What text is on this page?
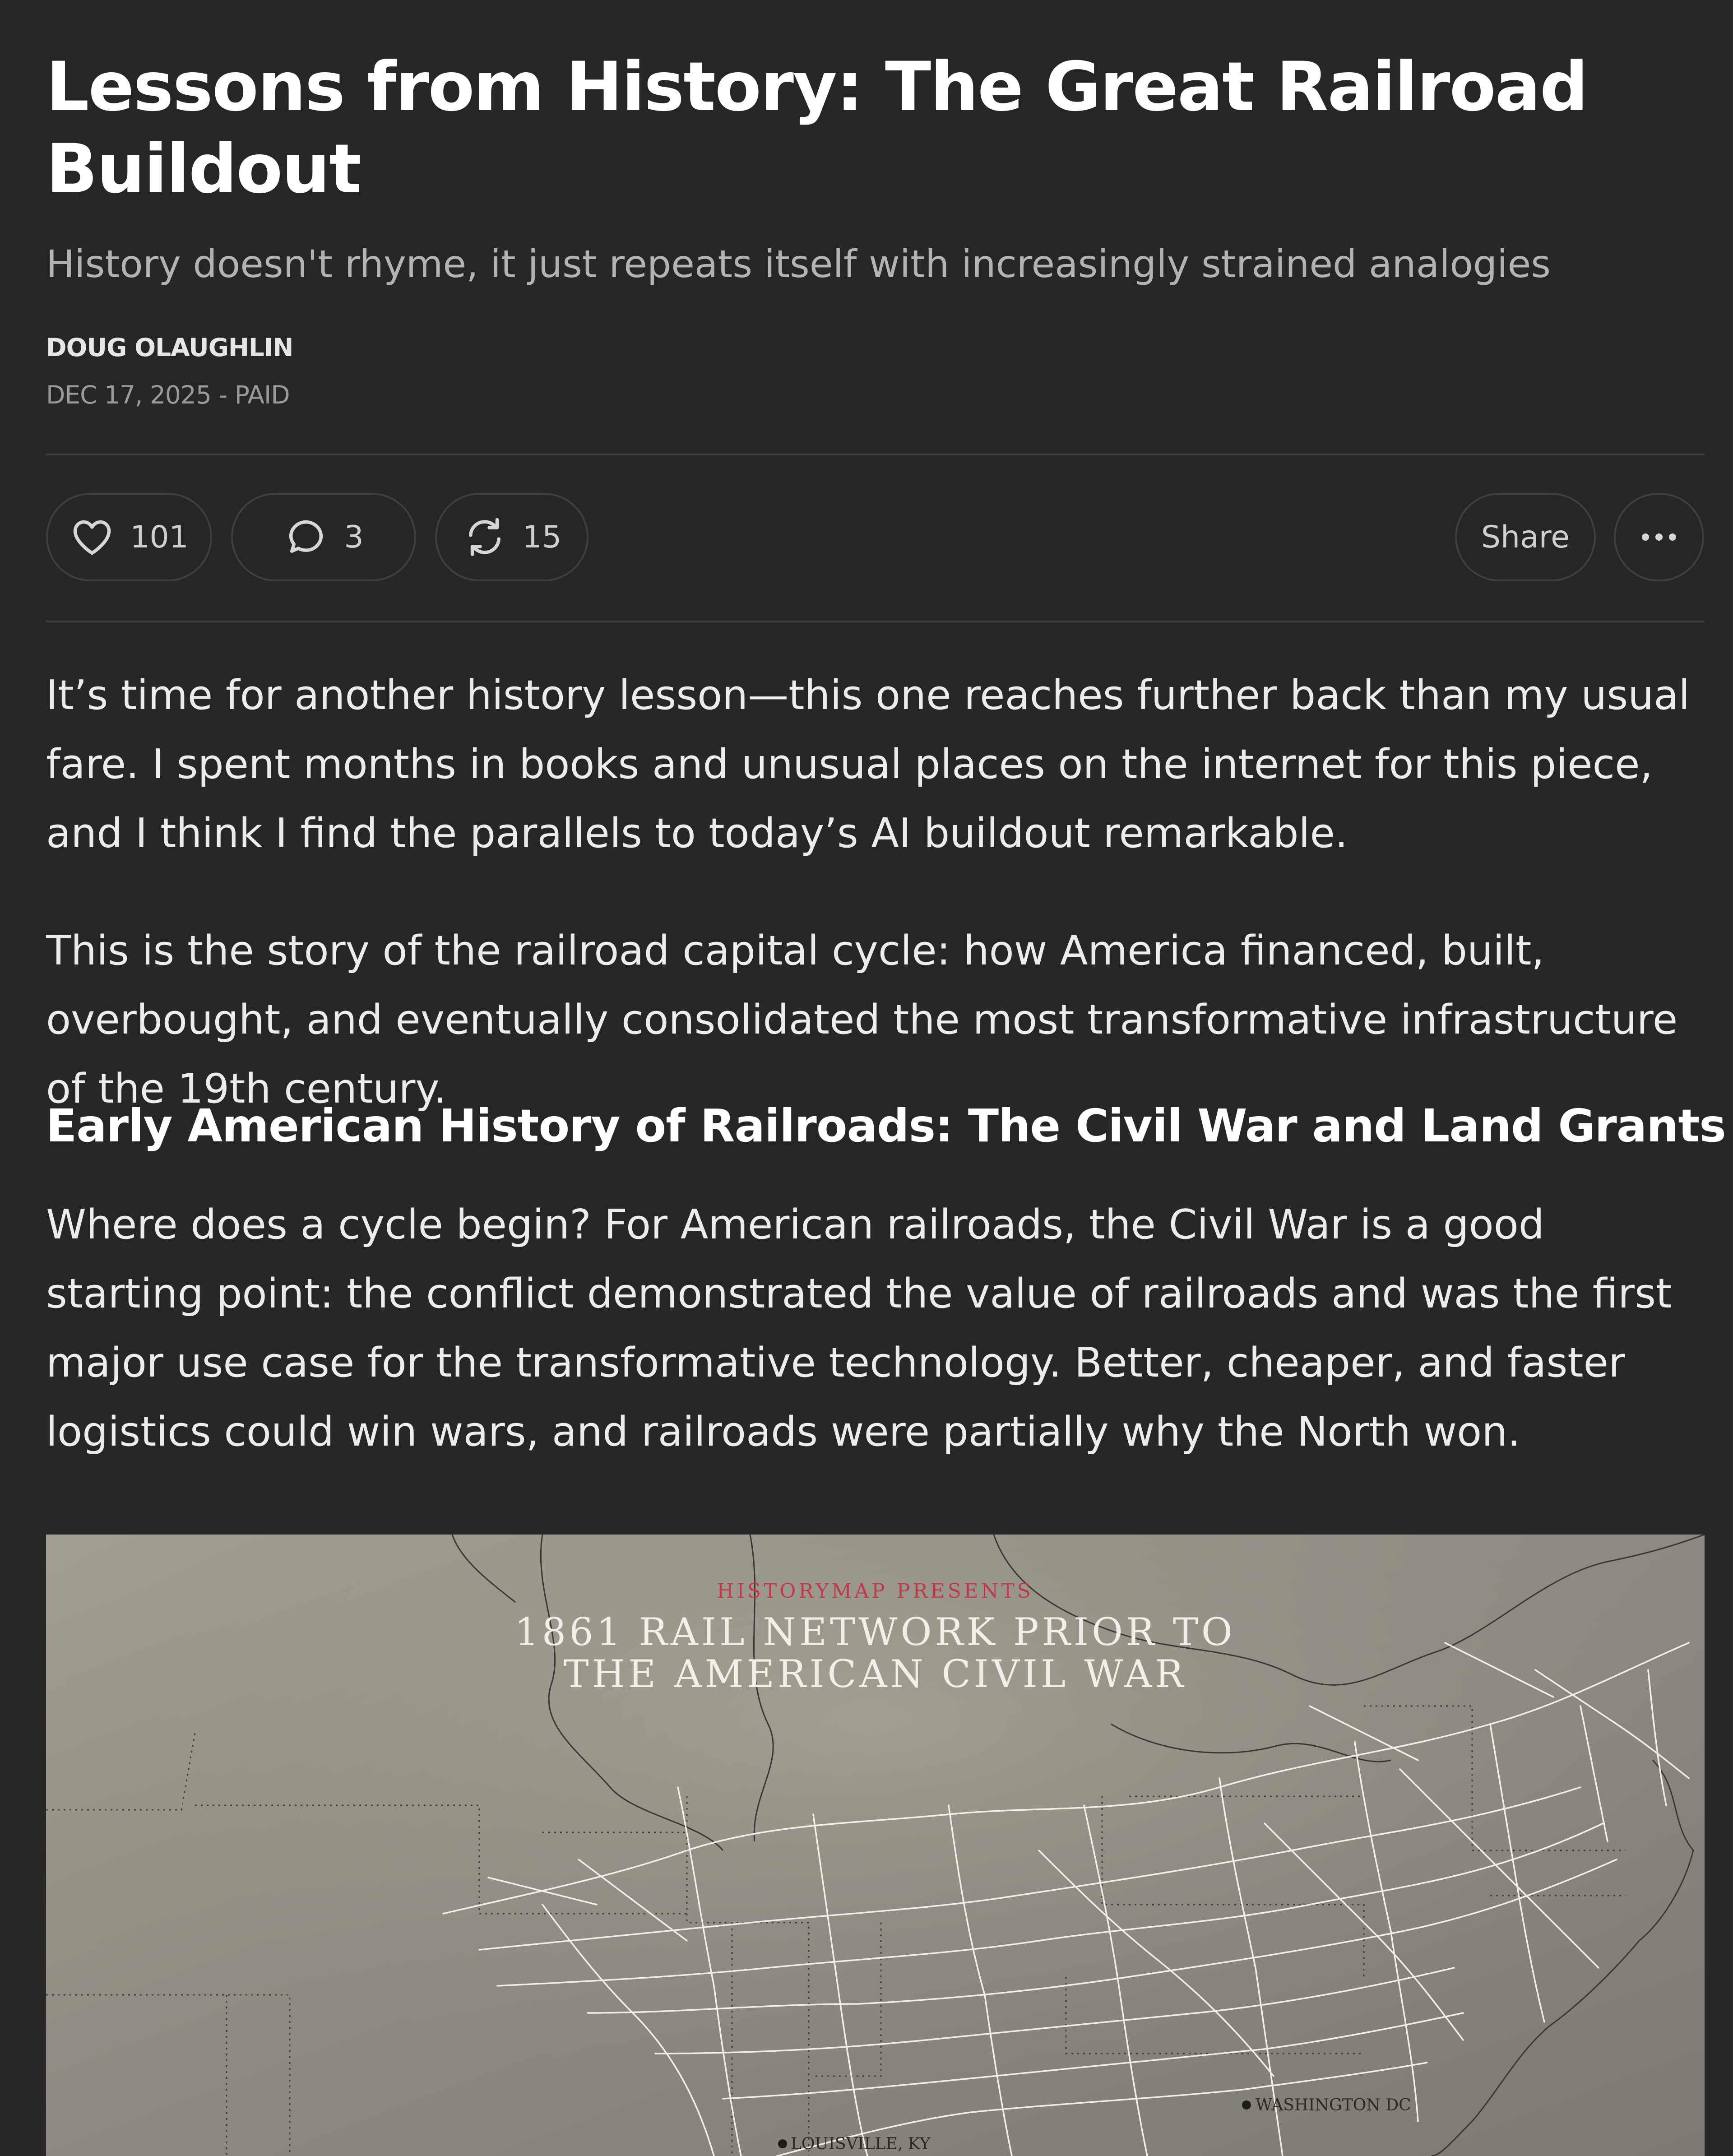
Lessons from History: The Great Railroad Buildout

History doesn't rhyme, it just repeats itself with increasingly strained analogies

DOUG OLAUGHLIN

DEC 17, 2025 - PAID

101	3	15	Share

It’s time for another history lesson—this one reaches further back than my usual fare. I spent months in books and unusual places on the internet for this piece, and I think I find the parallels to today’s AI buildout remarkable.

This is the story of the railroad capital cycle: how America financed, built, overbought, and eventually consolidated the most transformative infrastructure of the 19th century.

Early American History of Railroads: The Civil War and Land Grants

Where does a cycle begin? For American railroads, the Civil War is a good starting point: the conflict demonstrated the value of railroads and was the first major use case for the transformative technology. Better, cheaper, and faster logistics could win wars, and railroads were partially why the North won.

HISTORYMAP PRESENTS
1861 RAIL NETWORK PRIOR TO
THE AMERICAN CIVIL WAR
WASHINGTON DC
LOUISVILLE, KY
